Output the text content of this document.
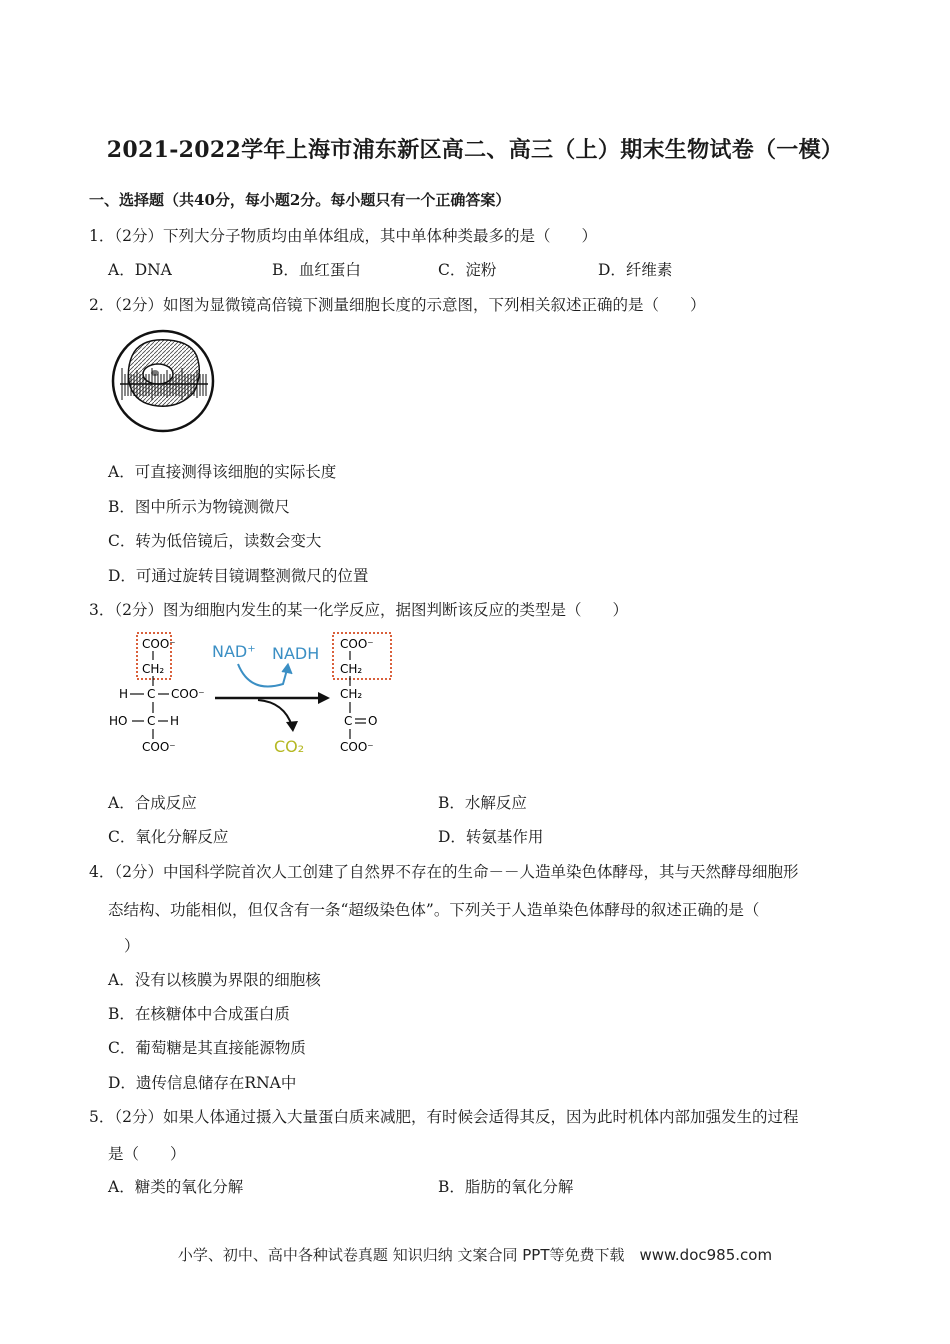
2021-2022学年上海市浦东新区高二、高三（上）期末生物试卷（一模）
一、选择题（共40分，每小题2分。每小题只有一个正确答案）
1．（2分）下列大分子物质均由单体组成，其中单体种类最多的是（　　）
A．DNA	B．血红蛋白	C．淀粉	D．纤维素
2．（2分）如图为显微镜高倍镜下测量细胞长度的示意图，下列相关叙述正确的是（　　）
A．可直接测得该细胞的实际长度
B．图中所示为物镜测微尺
C．转为低倍镜后，读数会变大
D．可通过旋转目镜调整测微尺的位置
3．（2分）图为细胞内发生的某一化学反应，据图判断该反应的类型是（　　）
COO⁻
CH₂
H C COO⁻
HO C H
COO⁻
NAD⁺ NADH
CO₂
COO⁻
CH₂
CH₂
C O
COO⁻
A．合成反应	B．水解反应
C．氧化分解反应	D．转氨基作用
4．（2分）中国科学院首次人工创建了自然界不存在的生命－－人造单染色体酵母，其与天然酵母细胞形
态结构、功能相似，但仅含有一条“超级染色体”。下列关于人造单染色体酵母的叙述正确的是（
）
A．没有以核膜为界限的细胞核
B．在核糖体中合成蛋白质
C．葡萄糖是其直接能源物质
D．遗传信息储存在RNA中
5．（2分）如果人体通过摄入大量蛋白质来减肥，有时候会适得其反，因为此时机体内部加强发生的过程
是（　　）
A．糖类的氧化分解	B．脂肪的氧化分解
小学、初中、高中各种试卷真题 知识归纳 文案合同 PPT等免费下载　www.doc985.com
